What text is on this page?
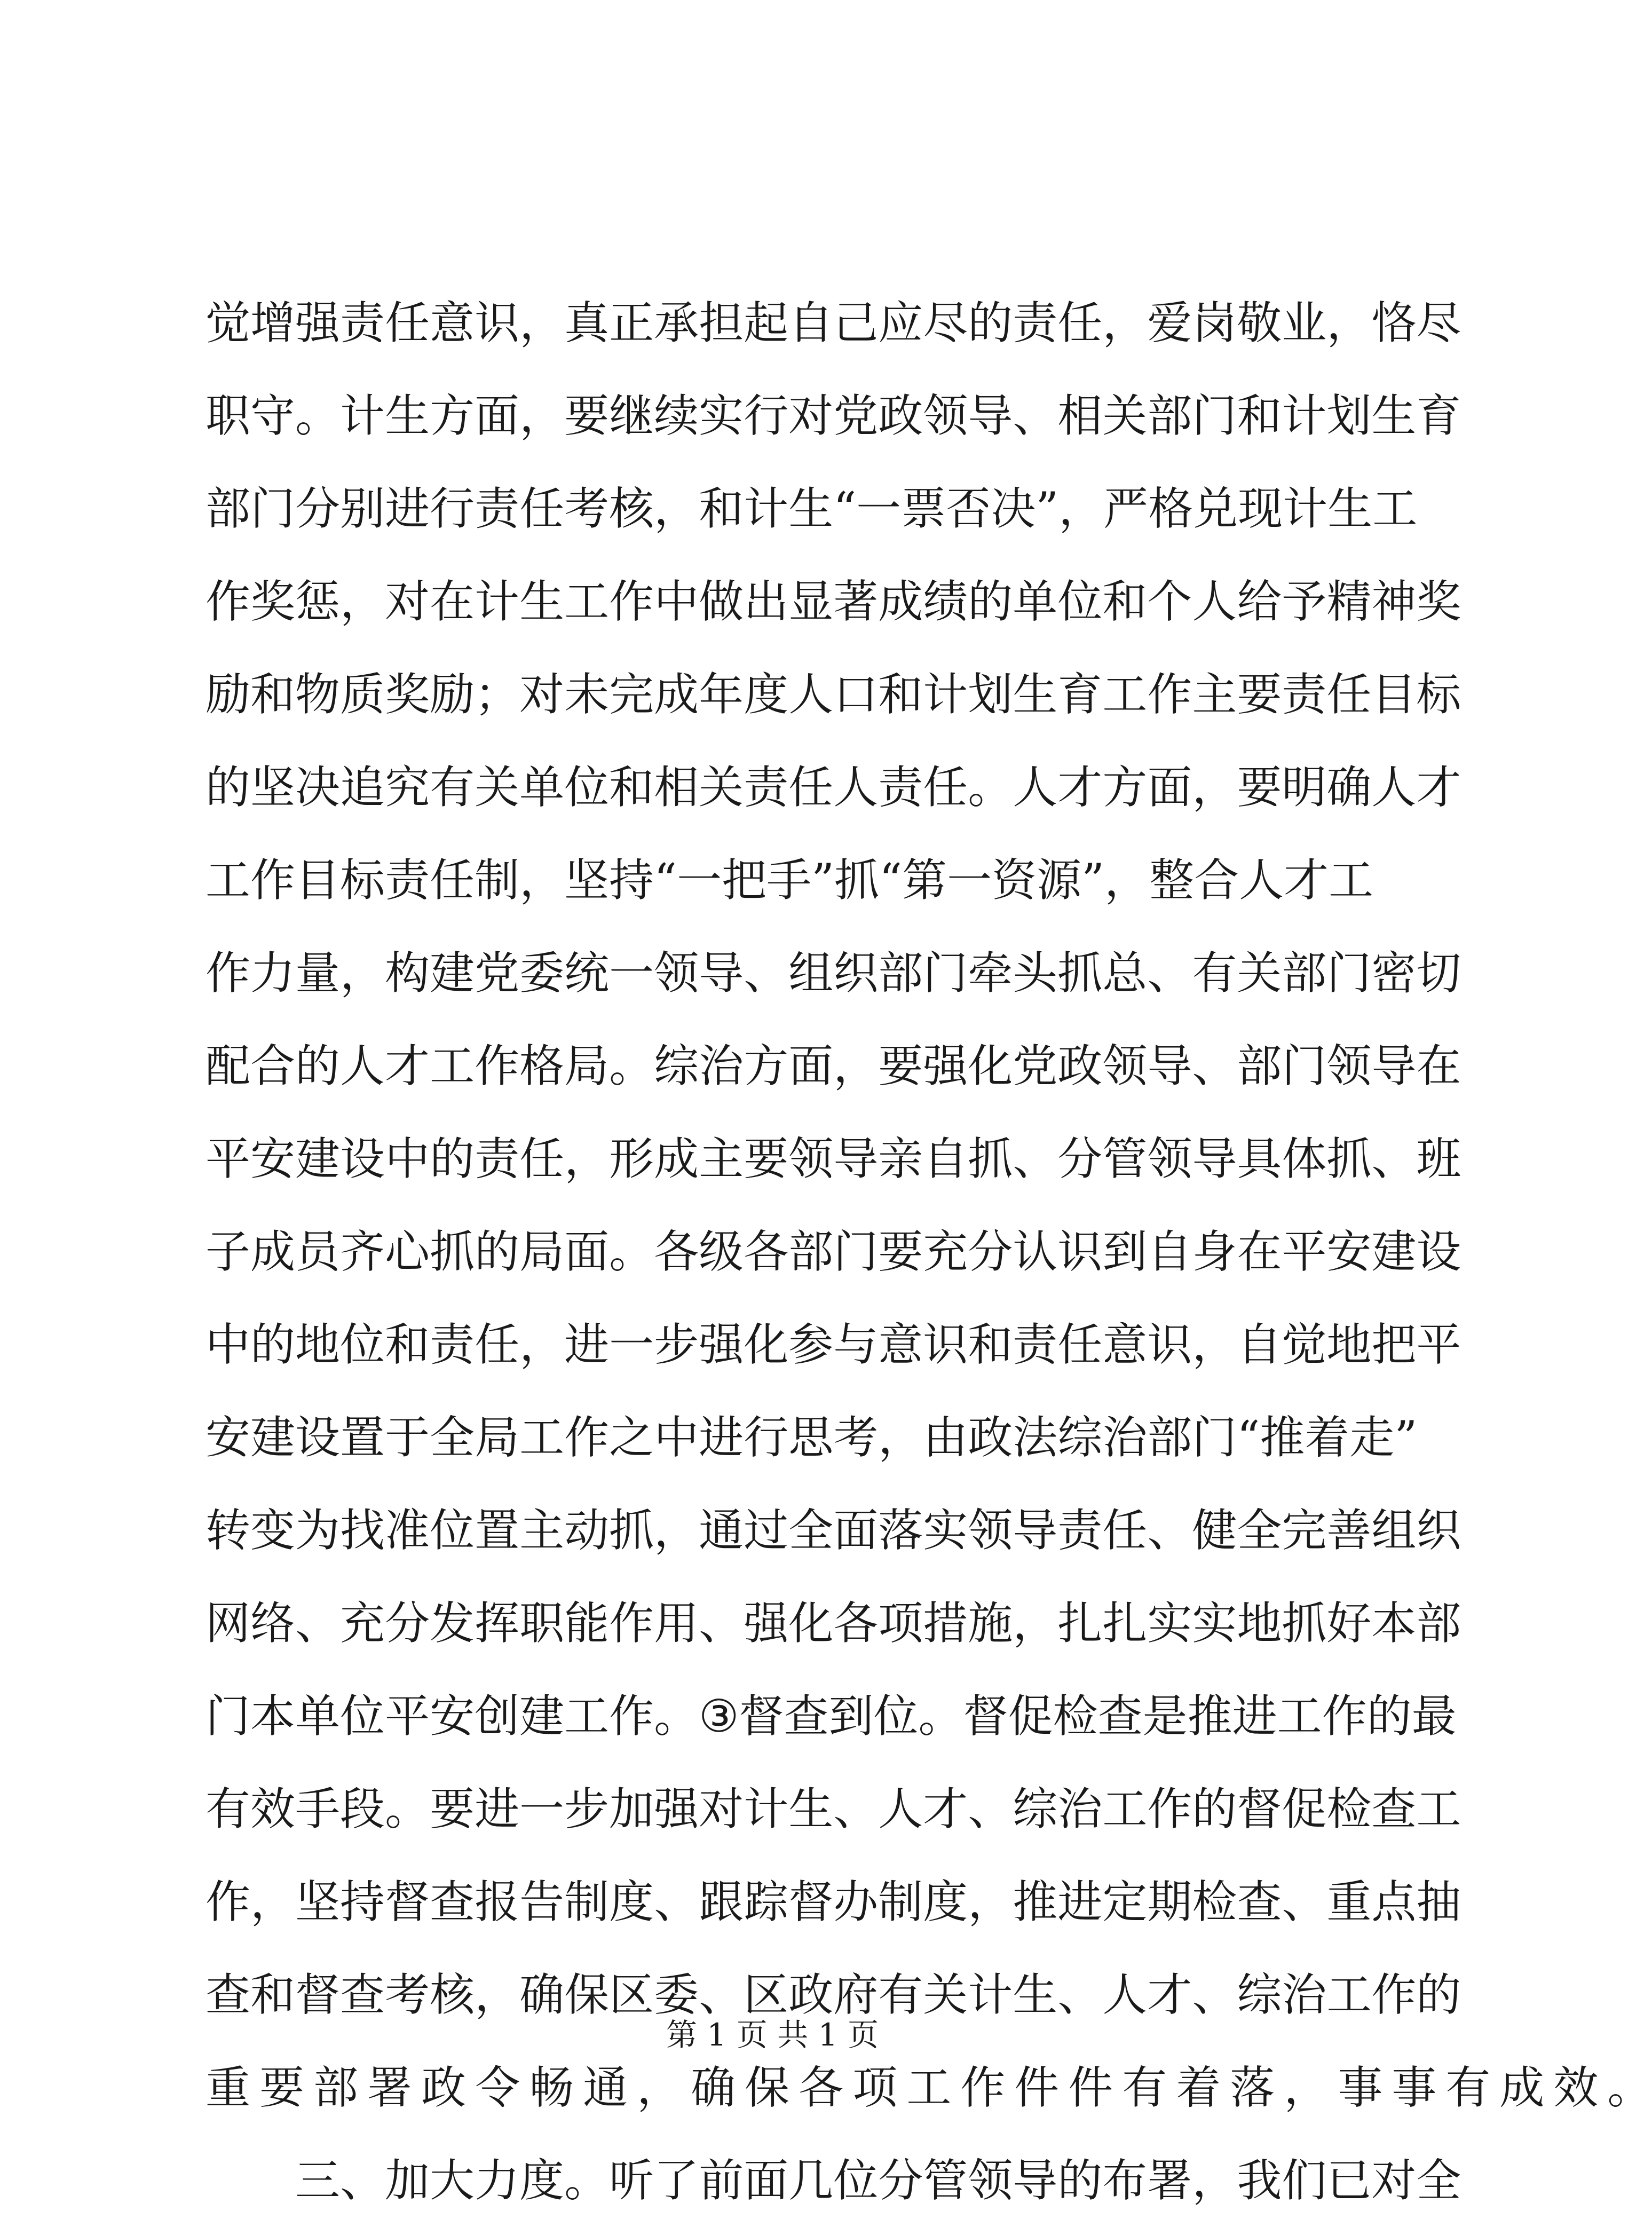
觉 增 强 责 任 意 识 ， 真 正 承 担 起 自 己 应 尽 的 责 任 ， 爱 岗 敬 业 ， 恪 尽
职 守 。 计 生 方 面 ， 要 继 续 实 行 对 党 政 领 导 、 相 关 部 门 和 计 划 生 育
部 门 分 别 进 行 责 任 考 核 ， 和 计 生 “ 一 票 否 决 ” ， 严 格 兑 现 计 生 工
作 奖 惩 ， 对 在 计 生 工 作 中 做 出 显 著 成 绩 的 单 位 和 个 人 给 予 精 神 奖
励 和 物 质 奖 励 ； 对 未 完 成 年 度 人 口 和 计 划 生 育 工 作 主 要 责 任 目 标
的 坚 决 追 究 有 关 单 位 和 相 关 责 任 人 责 任 。 人 才 方 面 ， 要 明 确 人 才
工 作 目 标 责 任 制 ， 坚 持 “ 一 把 手 ” 抓 “ 第 一 资 源 ” ， 整 合 人 才 工
作 力 量 ， 构 建 党 委 统 一 领 导 、 组 织 部 门 牵 头 抓 总 、 有 关 部 门 密 切
配 合 的 人 才 工 作 格 局 。 综 治 方 面 ， 要 强 化 党 政 领 导 、 部 门 领 导 在
平 安 建 设 中 的 责 任 ， 形 成 主 要 领 导 亲 自 抓 、 分 管 领 导 具 体 抓 、 班
子 成 员 齐 心 抓 的 局 面 。 各 级 各 部 门 要 充 分 认 识 到 自 身 在 平 安 建 设
中 的 地 位 和 责 任 ， 进 一 步 强 化 参 与 意 识 和 责 任 意 识 ， 自 觉 地 把 平
安 建 设 置 于 全 局 工 作 之 中 进 行 思 考 ， 由 政 法 综 治 部 门 “ 推 着 走 ”
转 变 为 找 准 位 置 主 动 抓 ， 通 过 全 面 落 实 领 导 责 任 、 健 全 完 善 组 织
网 络 、 充 分 发 挥 职 能 作 用 、 强 化 各 项 措 施 ， 扎 扎 实 实 地 抓 好 本 部
门 本 单 位 平 安 创 建 工 作 。 ③ 督 查 到 位 。 督 促 检 查 是 推 进 工 作 的 最
有 效 手 段 。 要 进 一 步 加 强 对 计 生 、 人 才 、 综 治 工 作 的 督 促 检 查 工
作 ， 坚 持 督 查 报 告 制 度 、 跟 踪 督 办 制 度 ， 推 进 定 期 检 查 、 重 点 抽
查 和 督 查 考 核 ， 确 保 区 委 、 区 政 府 有 关 计 生 、 人 才 、 综 治 工 作 的
重 要 部 署 政 令 畅 通 ， 确 保 各 项 工 作 件 件 有 着 落 ， 事 事 有 成 效 。
三 、 加 大 力 度 。 听 了 前 面 几 位 分 管 领 导 的 布 署 ， 我 们 已 对 全
第 1 页 共 1 页
